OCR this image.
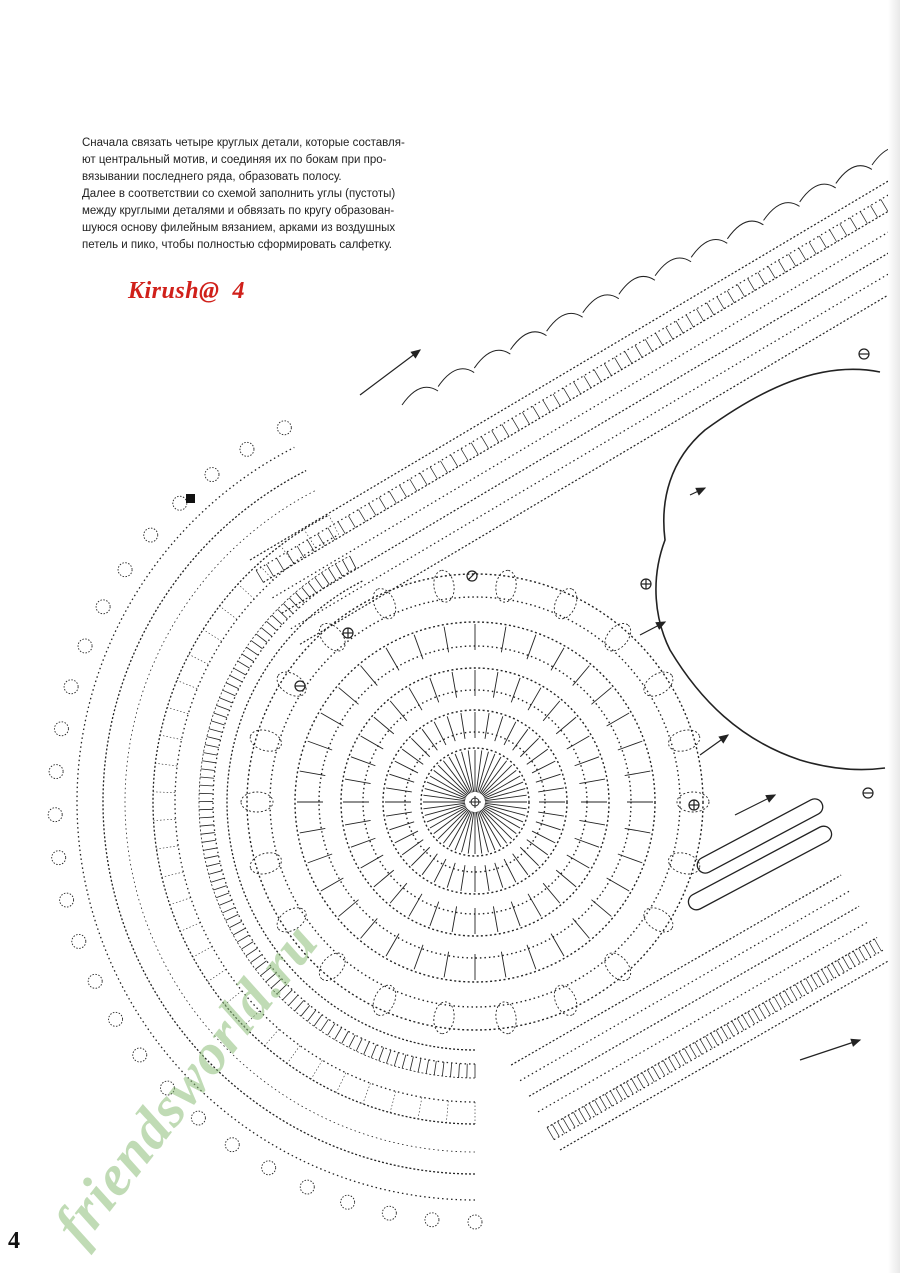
Сначала связать четыре круглых детали, которые составля-

ют центральный мотив, и соединяя их по бокам при про-

вязывании последнего ряда, образовать полосу.

Далее в соответствии со схемой заполнить углы (пустоты)

между круглыми деталями и обвязать по кругу образован-

шуюся основу филейным вязанием, арками из воздушных

петель и пико, чтобы полностью сформировать салфетку.

Kirush@  4
friendsworld.ru
4
